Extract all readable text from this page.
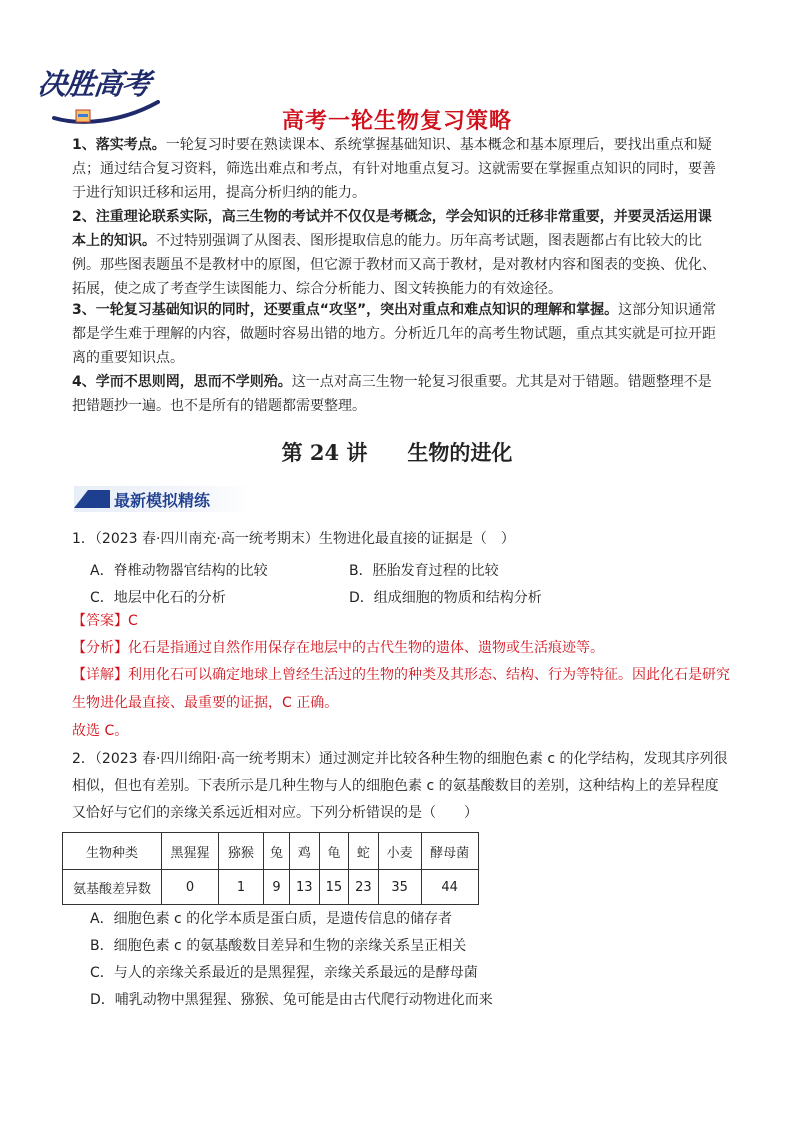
决胜高考
高考一轮生物复习策略

1、落实考点。一轮复习时要在熟读课本、系统掌握基础知识、基本概念和基本原理后，要找出重点和疑点；通过结合复习资料，筛选出难点和考点，有针对地重点复习。这就需要在掌握重点知识的同时，要善于进行知识迁移和运用，提高分析归纳的能力。

2、注重理论联系实际，高三生物的考试并不仅仅是考概念，学会知识的迁移非常重要，并要灵活运用课本上的知识。不过特别强调了从图表、图形提取信息的能力。历年高考试题，图表题都占有比较大的比例。那些图表题虽不是教材中的原图，但它源于教材而又高于教材，是对教材内容和图表的变换、优化、拓展，使之成了考查学生读图能力、综合分析能力、图文转换能力的有效途径。

3、一轮复习基础知识的同时，还要重点“攻坚”，突出对重点和难点知识的理解和掌握。这部分知识通常都是学生难于理解的内容，做题时容易出错的地方。分析近几年的高考生物试题，重点其实就是可拉开距离的重要知识点。

4、学而不思则罔，思而不学则殆。这一点对高三生物一轮复习很重要。尤其是对于错题。错题整理不是把错题抄一遍。也不是所有的错题都需要整理。

第 24 讲 生物的进化
最新模拟精练

1．（2023 春·四川南充·高一统考期末）生物进化最直接的证据是（　）

A．脊椎动物器官结构的比较	B．胚胎发育过程的比较
C．地层中化石的分析	D．组成细胞的物质和结构分析

【答案】C

【分析】化石是指通过自然作用保存在地层中的古代生物的遗体、遗物或生活痕迹等。

【详解】利用化石可以确定地球上曾经生活过的生物的种类及其形态、结构、行为等特征。因此化石是研究生物进化最直接、最重要的证据，C 正确。

故选 C。

2．（2023 春·四川绵阳·高一统考期末）通过测定并比较各种生物的细胞色素 c 的化学结构，发现其序列很相似，但也有差别。下表所示是几种生物与人的细胞色素 c 的氨基酸数目的差别，这种结构上的差异程度又恰好与它们的亲缘关系远近相对应。下列分析错误的是（　　）

生物种类	黑猩猩	猕猴	兔	鸡	龟	蛇	小麦	酵母菌
氨基酸差异数	0	1	9	13	15	23	35	44
A．细胞色素 c 的化学本质是蛋白质，是遗传信息的储存者
B．细胞色素 c 的氨基酸数目差异和生物的亲缘关系呈正相关
C．与人的亲缘关系最近的是黑猩猩，亲缘关系最远的是酵母菌
D．哺乳动物中黑猩猩、猕猴、兔可能是由古代爬行动物进化而来
